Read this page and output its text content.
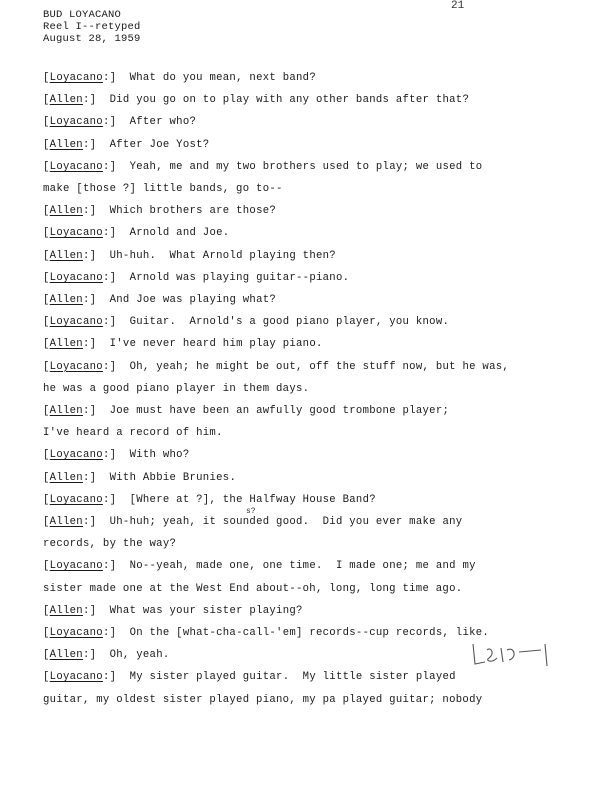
BUD LOYACANO
Reel I--retyped
August 28, 1959
21
[Loyacano:]  What do you mean, next band?
[Allen:]  Did you go on to play with any other bands after that?
[Loyacano:]  After who?
[Allen:]  After Joe Yost?
[Loyacano:]  Yeah, me and my two brothers used to play; we used to
make [those ?] little bands, go to--
[Allen:]  Which brothers are those?
[Loyacano:]  Arnold and Joe.
[Allen:]  Uh-huh.  What Arnold playing then?
[Loyacano:]  Arnold was playing guitar--piano.
[Allen:]  And Joe was playing what?
[Loyacano:]  Guitar.  Arnold's a good piano player, you know.
[Allen:]  I've never heard him play piano.
[Loyacano:]  Oh, yeah; he might be out, off the stuff now, but he was,
he was a good piano player in them days.
[Allen:]  Joe must have been an awfully good trombone player;
I've heard a record of him.
[Loyacano:]  With who?
[Allen:]  With Abbie Brunies.
[Loyacano:]  [Where at ?], the Halfway House Band?
[Allen:]  Uh-huh; yeah, it sounded good.  Did you ever make any
records, by the way?
[Loyacano:]  No--yeah, made one, one time.  I made one; me and my
sister made one at the West End about--oh, long, long time ago.
[Allen:]  What was your sister playing?
[Loyacano:]  On the [what-cha-call-'em] records--cup records, like.
[Allen:]  Oh, yeah.
[Loyacano:]  My sister played guitar.  My little sister played
guitar, my oldest sister played piano, my pa played guitar; nobody
s?
